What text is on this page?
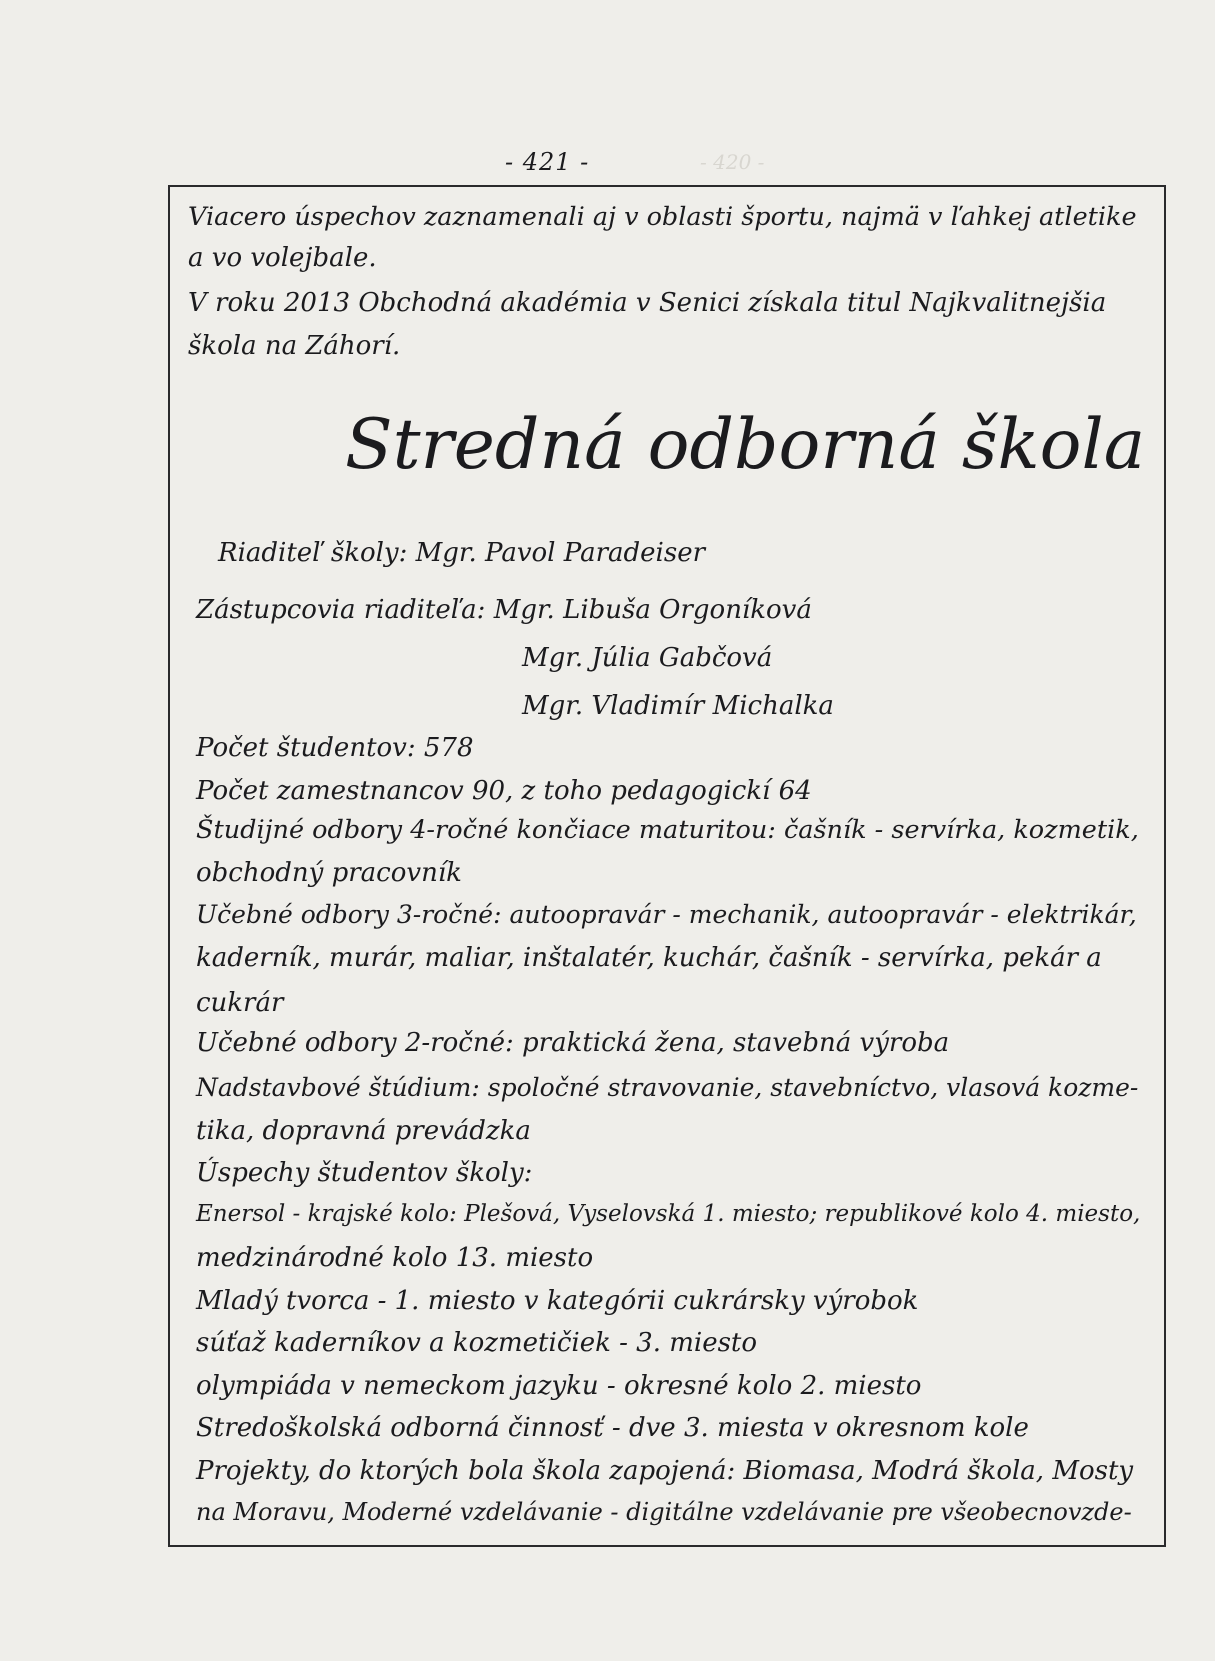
- 421 -	- 420 -
Viacero úspechov zaznamenali aj v oblasti športu, najmä v ľahkej atletike
a vo volejbale.
V roku 2013 Obchodná akadémia v Senici získala titul Najkvalitnejšia
škola na Záhorí.
Stredná odborná škola
Riaditeľ školy: Mgr. Pavol Paradeiser
Zástupcovia riaditeľa: Mgr. Libuša Orgoníková
Mgr. Júlia Gabčová
Mgr. Vladimír Michalka
Počet študentov: 578
Počet zamestnancov 90, z toho pedagogickí 64
Študijné odbory 4-ročné končiace maturitou: čašník - servírka, kozmetik,
obchodný pracovník
Učebné odbory 3-ročné: autoopravár - mechanik, autoopravár - elektrikár,
kaderník, murár, maliar, inštalatér, kuchár, čašník - servírka, pekár a
cukrár
Učebné odbory 2-ročné: praktická žena, stavebná výroba
Nadstavbové štúdium: spoločné stravovanie, stavebníctvo, vlasová kozme-
tika, dopravná prevádzka
Úspechy študentov školy:
Enersol - krajské kolo: Plešová, Vyselovská 1. miesto; republikové kolo 4. miesto,
medzinárodné kolo 13. miesto
Mladý tvorca - 1. miesto v kategórii cukrársky výrobok
súťaž kaderníkov a kozmetičiek - 3. miesto
olympiáda v nemeckom jazyku - okresné kolo 2. miesto
Stredoškolská odborná činnosť - dve 3. miesta v okresnom kole
Projekty, do ktorých bola škola zapojená: Biomasa, Modrá škola, Mosty
na Moravu, Moderné vzdelávanie - digitálne vzdelávanie pre všeobecnovzde-
